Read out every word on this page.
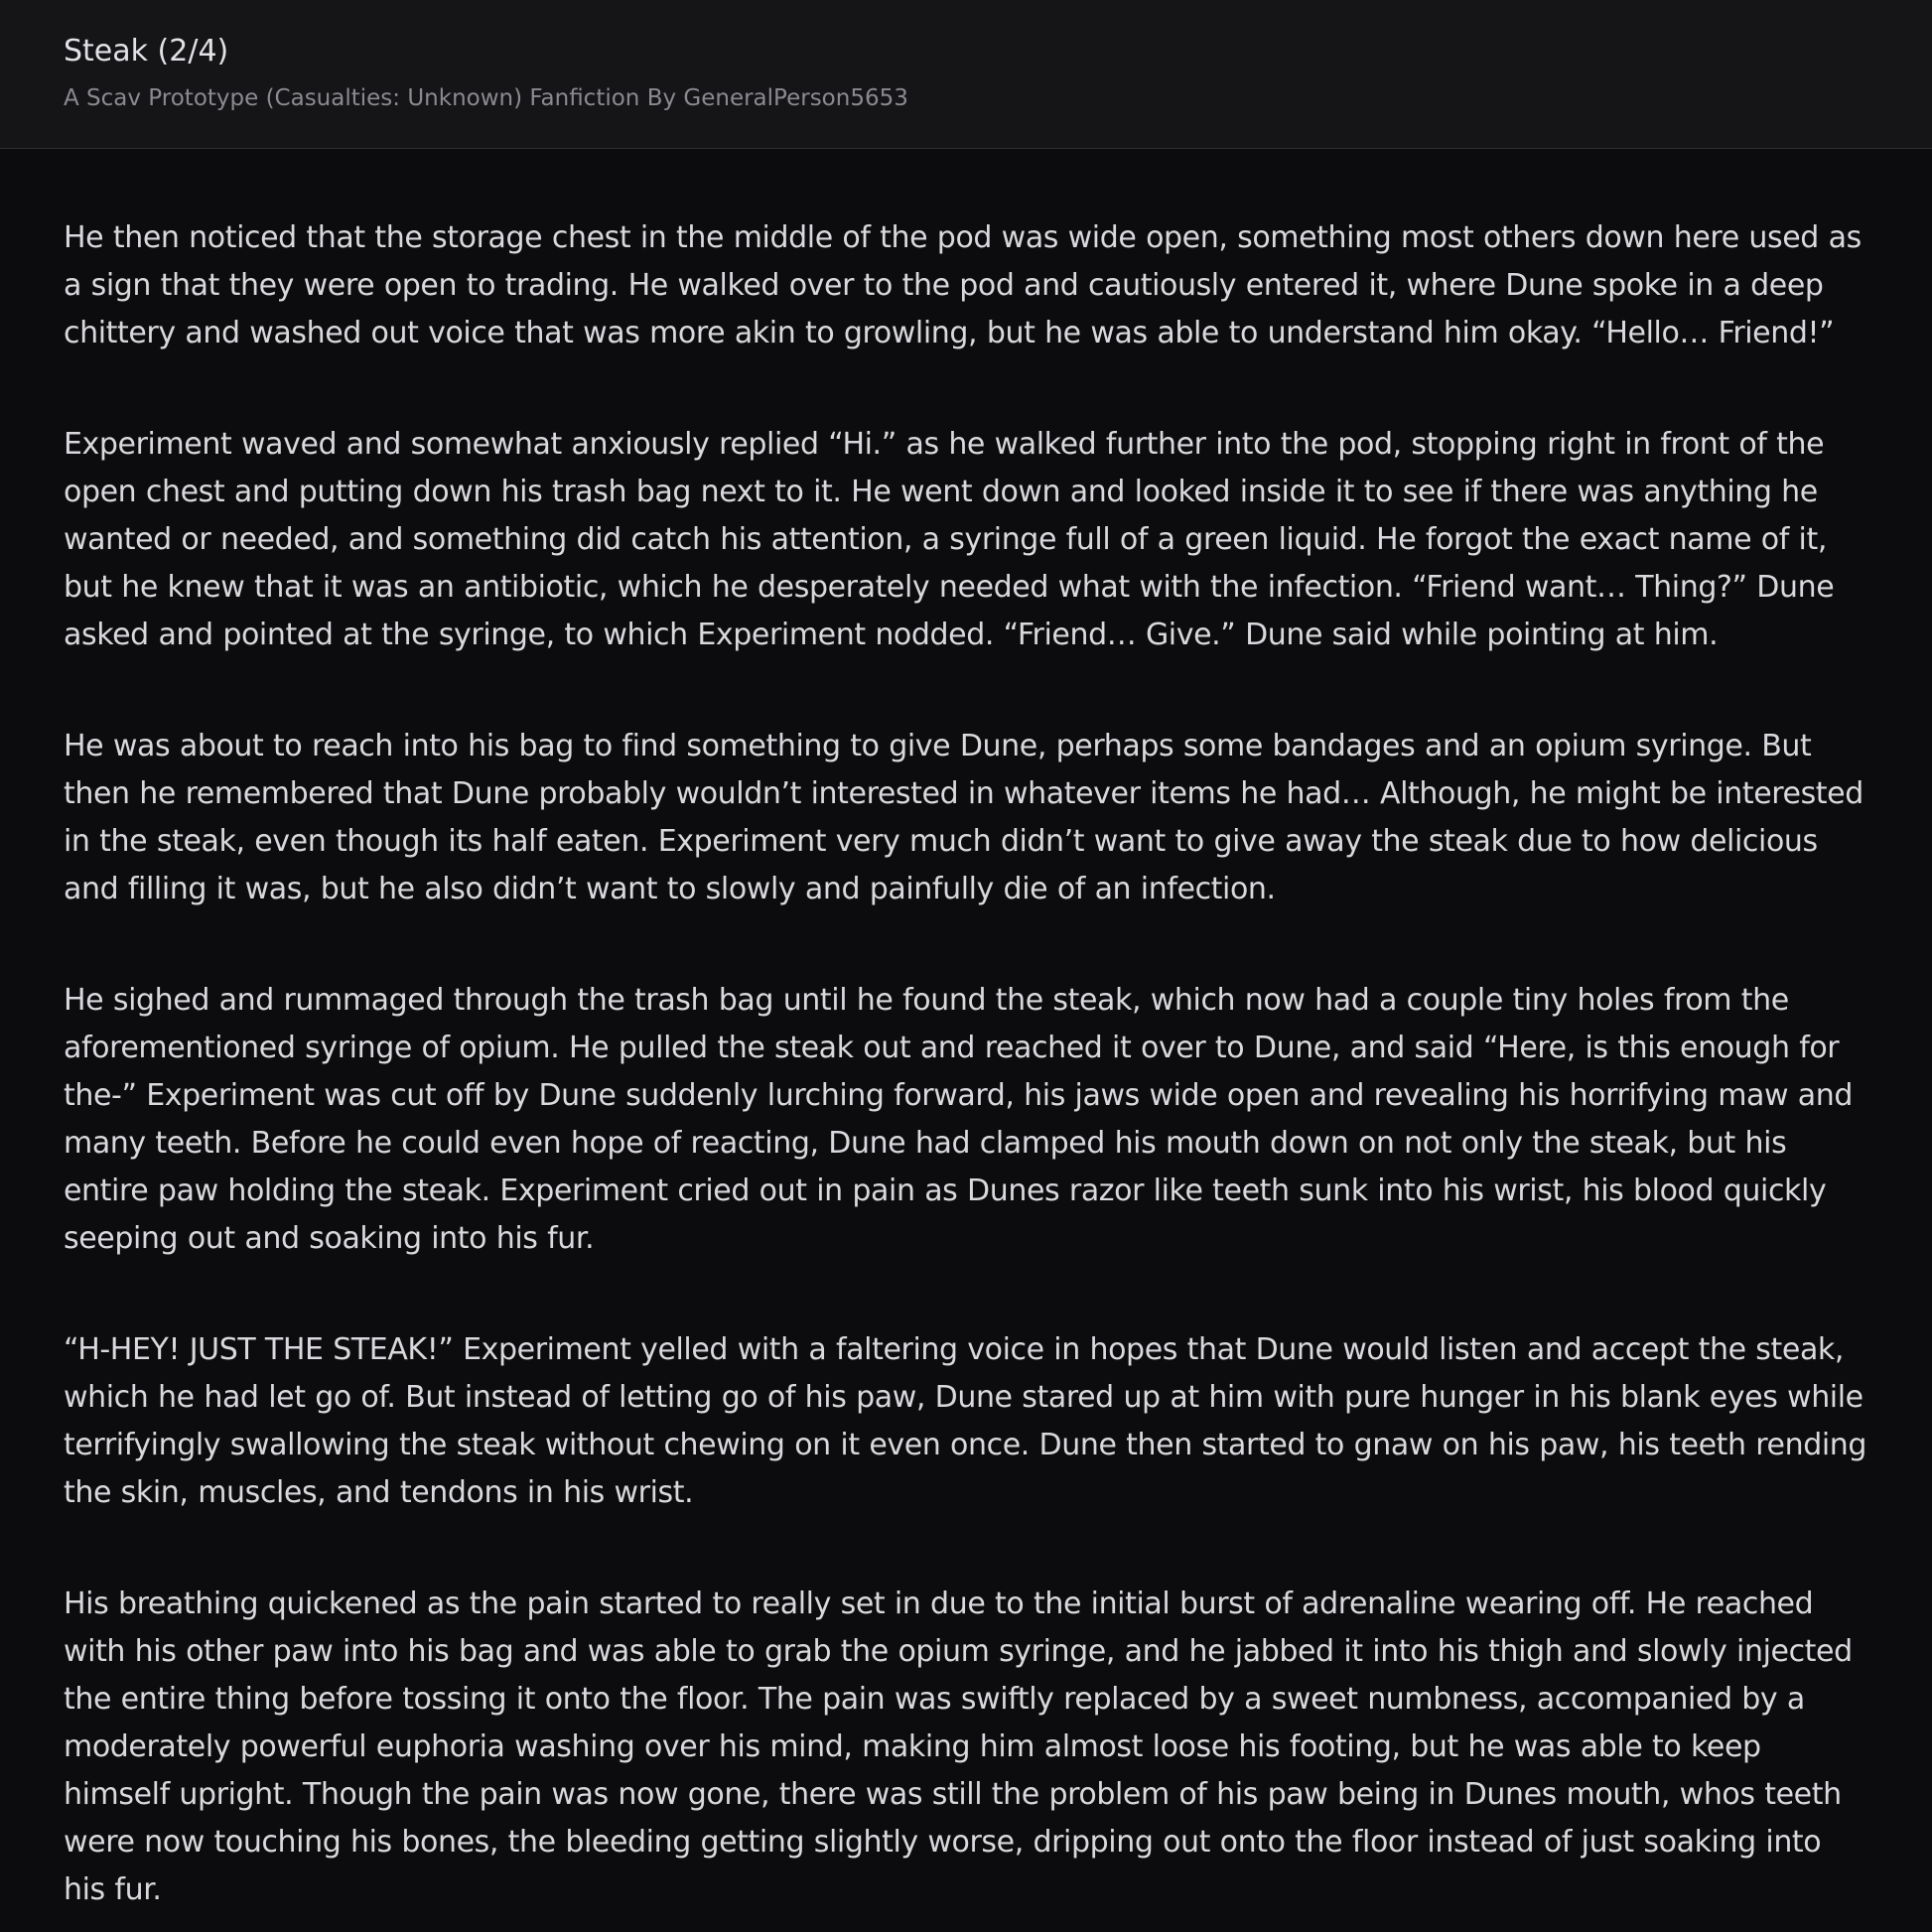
Steak (2/4)
A Scav Prototype (Casualties: Unknown) Fanfiction By GeneralPerson5653

He then noticed that the storage chest in the middle of the pod was wide open, something most others down here used as a sign that they were open to trading. He walked over to the pod and cautiously entered it, where Dune spoke in a deep chittery and washed out voice that was more akin to growling, but he was able to understand him okay. “Hello… Friend!”

Experiment waved and somewhat anxiously replied “Hi.” as he walked further into the pod, stopping right in front of the open chest and putting down his trash bag next to it. He went down and looked inside it to see if there was anything he wanted or needed, and something did catch his attention, a syringe full of a green liquid. He forgot the exact name of it, but he knew that it was an antibiotic, which he desperately needed what with the infection. “Friend want… Thing?” Dune asked and pointed at the syringe, to which Experiment nodded. “Friend… Give.” Dune said while pointing at him.

He was about to reach into his bag to find something to give Dune, perhaps some bandages and an opium syringe. But then he remembered that Dune probably wouldn’t interested in whatever items he had… Although, he might be interested in the steak, even though its half eaten. Experiment very much didn’t want to give away the steak due to how delicious and filling it was, but he also didn’t want to slowly and painfully die of an infection.

He sighed and rummaged through the trash bag until he found the steak, which now had a couple tiny holes from the aforementioned syringe of opium. He pulled the steak out and reached it over to Dune, and said “Here, is this enough for the-” Experiment was cut off by Dune suddenly lurching forward, his jaws wide open and revealing his horrifying maw and many teeth. Before he could even hope of reacting, Dune had clamped his mouth down on not only the steak, but his entire paw holding the steak. Experiment cried out in pain as Dunes razor like teeth sunk into his wrist, his blood quickly seeping out and soaking into his fur.

“H-HEY! JUST THE STEAK!” Experiment yelled with a faltering voice in hopes that Dune would listen and accept the steak, which he had let go of. But instead of letting go of his paw, Dune stared up at him with pure hunger in his blank eyes while terrifyingly swallowing the steak without chewing on it even once. Dune then started to gnaw on his paw, his teeth rending the skin, muscles, and tendons in his wrist.

His breathing quickened as the pain started to really set in due to the initial burst of adrenaline wearing off. He reached with his other paw into his bag and was able to grab the opium syringe, and he jabbed it into his thigh and slowly injected the entire thing before tossing it onto the floor. The pain was swiftly replaced by a sweet numbness, accompanied by a moderately powerful euphoria washing over his mind, making him almost loose his footing, but he was able to keep himself upright. Though the pain was now gone, there was still the problem of his paw being in Dunes mouth, whos teeth were now touching his bones, the bleeding getting slightly worse, dripping out onto the floor instead of just soaking into his fur.
